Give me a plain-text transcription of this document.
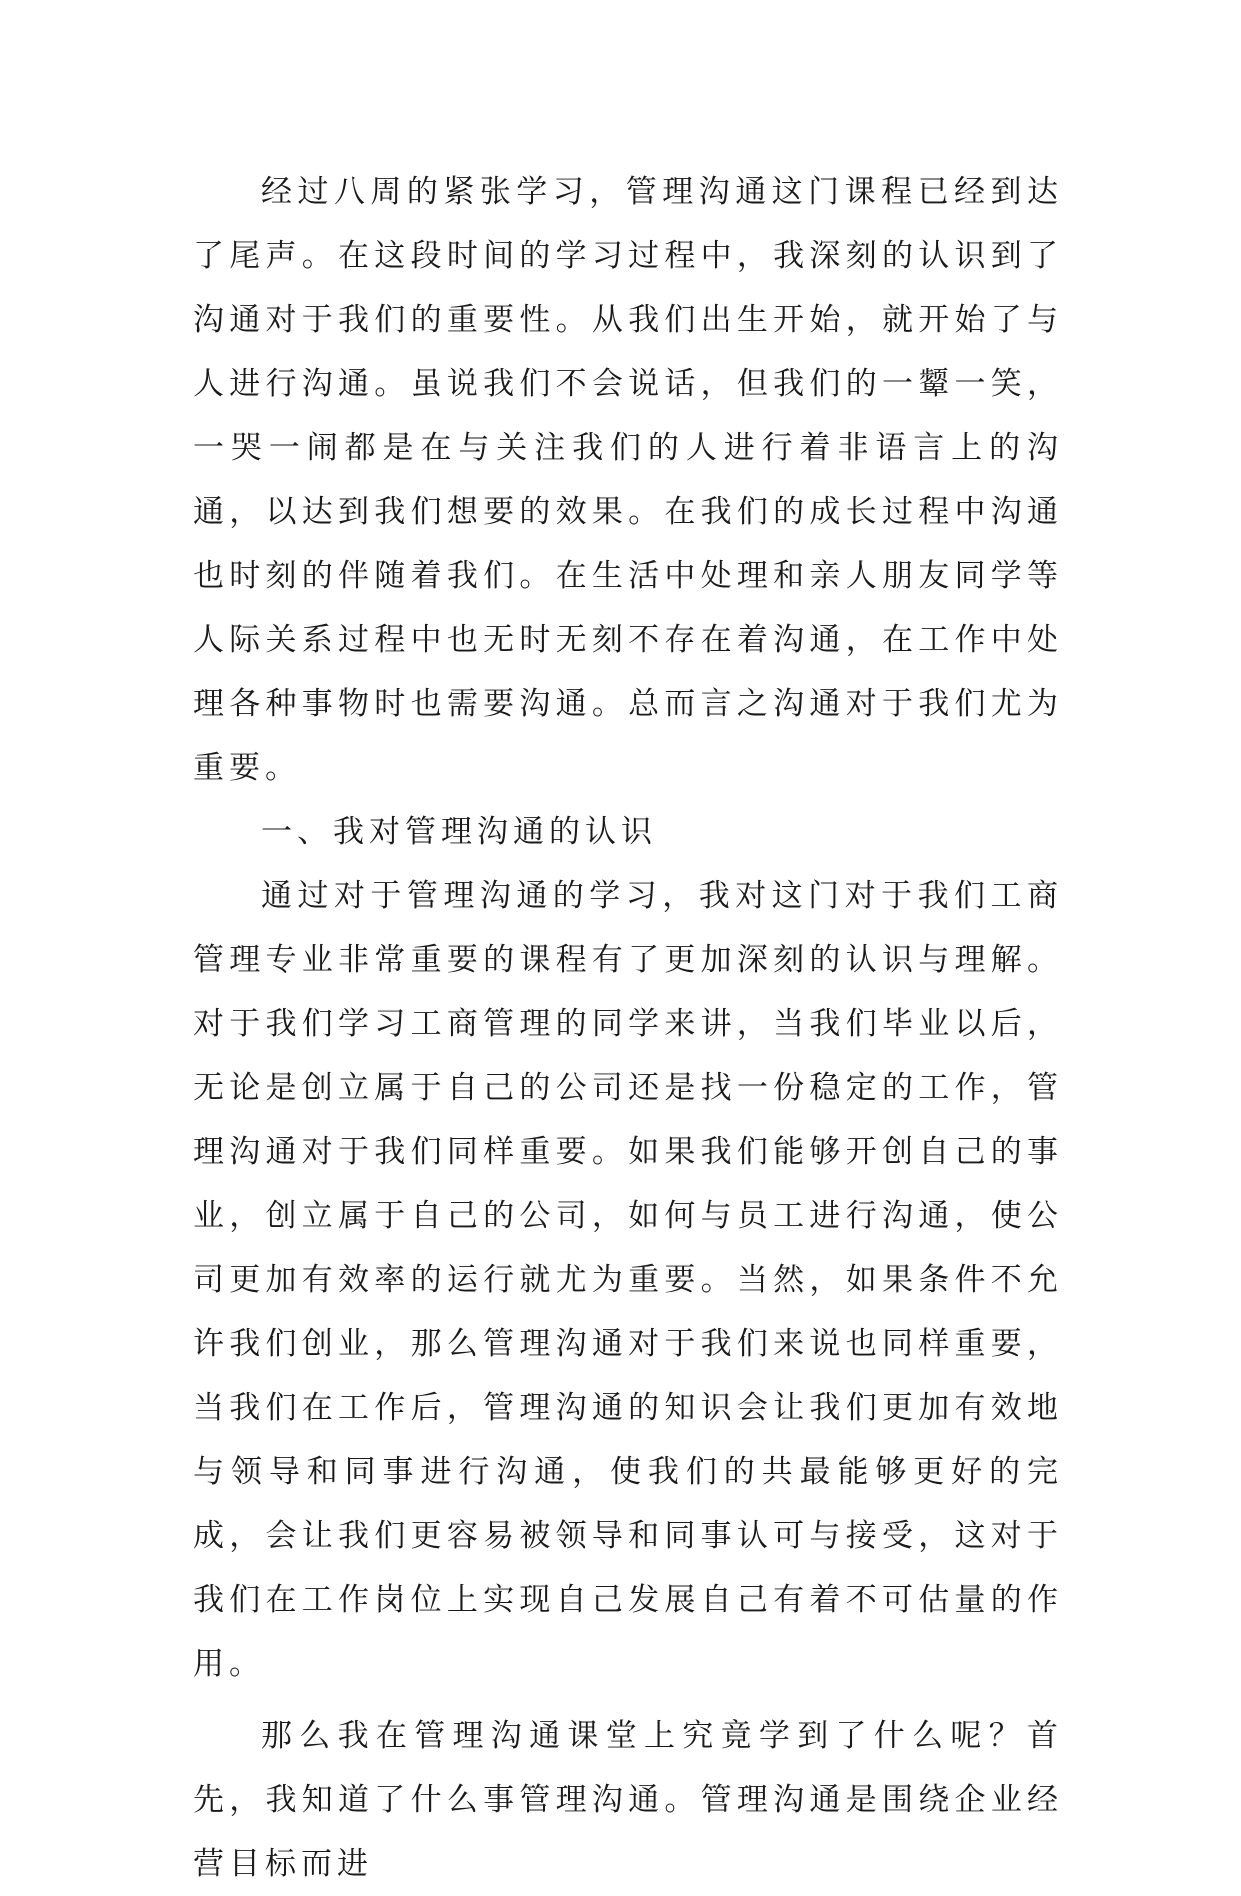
经过八周的紧张学习，管理沟通这门课程已经到达了尾声。在这段时间的学习过程中，我深刻的认识到了沟通对于我们的重要性。从我们出生开始，就开始了与人进行沟通。虽说我们不会说话，但我们的一颦一笑，一哭一闹都是在与关注我们的人进行着非语言上的沟通，以达到我们想要的效果。在我们的成长过程中沟通也时刻的伴随着我们。在生活中处理和亲人朋友同学等人际关系过程中也无时无刻不存在着沟通，在工作中处理各种事物时也需要沟通。总而言之沟通对于我们尤为重要。

一、我对管理沟通的认识

通过对于管理沟通的学习，我对这门对于我们工商管理专业非常重要的课程有了更加深刻的认识与理解。对于我们学习工商管理的同学来讲，当我们毕业以后，无论是创立属于自己的公司还是找一份稳定的工作，管理沟通对于我们同样重要。如果我们能够开创自己的事业，创立属于自己的公司，如何与员工进行沟通，使公司更加有效率的运行就尤为重要。当然，如果条件不允许我们创业，那么管理沟通对于我们来说也同样重要，当我们在工作后，管理沟通的知识会让我们更加有效地与领导和同事进行沟通，使我们的共最能够更好的完成，会让我们更容易被领导和同事认可与接受，这对于我们在工作岗位上实现自己发展自己有着不可估量的作用。

那么我在管理沟通课堂上究竟学到了什么呢？首先，我知道了什么事管理沟通。管理沟通是围绕企业经营目标而进
